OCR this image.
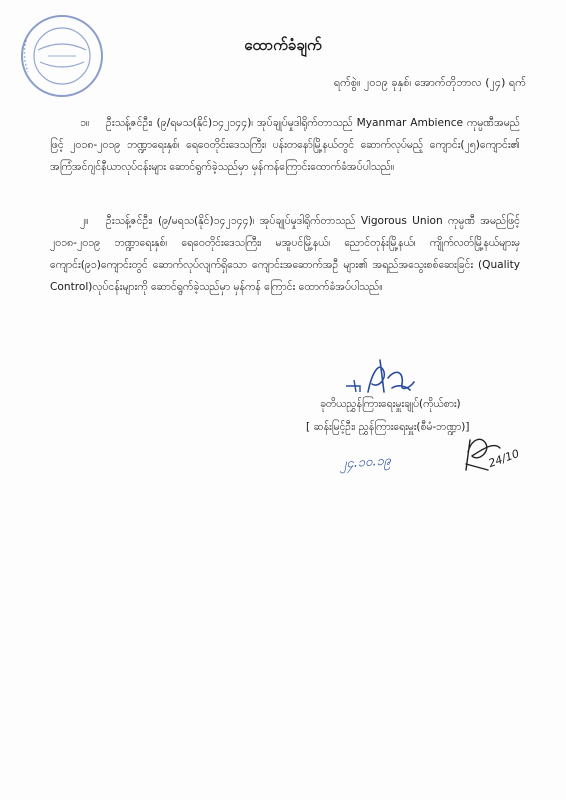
ထောက်ခံချက်
ရက်စွဲ။ ၂၀၁၉ ခုနှစ်၊ အောက်တိုဘာလ (၂၄) ရက်
၁။ ဦးသန့်ဇင်ဦး၊ (၉/ရမသ(နိုင်)၁၄၂၁၄၄)၊ အုပ်ချုပ်မှုဒါရိုက်တာသည် Myanmar Ambience ကုမ္ပဏီအမည်ဖြင့် ၂၀၁၈-၂၀၁၉ ဘဏ္ဍာရေးနှစ်၊ ရေဝေတိုင်းဒေသကြီး၊ ပန်းတနော်မြို့နယ်တွင် ဆောက်လုပ်မည့် ကျောင်း(၂၅)ကျောင်း၏ အကြံအင်ဂျင်နီယာလုပ်ငန်းများ ဆောင်ရွက်ခဲ့သည်မှာ မှန်ကန်ကြောင်းထောက်ခံအပ်ပါသည်။
၂။ ဦးသန့်ဇင်ဦး၊ (၉/မရသ(နိုင်)၁၄၂၁၄၄)၊ အုပ်ချုပ်မှုဒါရိုက်တာသည် Vigorous Union ကုမ္ပဏီ အမည်ဖြင့် ၂၀၁၈-၂၀၁၉ ဘဏ္ဍာရေးနှစ်၊ ရေဝေတိုင်းဒေသကြီး၊ မအူပင်မြို့နယ်၊ ညောင်တုန်းမြို့နယ်၊ ကျိုက်လတ်မြို့နယ်များမှ ကျောင်း(၉၁)ကျောင်းတွင် ဆောက်လုပ်လျက်ရှိသော ကျောင်းအဆောက်အဦ များ၏ အရည်အသွေးစစ်ဆေးခြင်း (Quality Control)လုပ်ငန်းများကို ဆောင်ရွက်ခဲ့သည်မှာ မှန်ကန် ကြောင်း ထောက်ခံအပ်ပါသည်။
ခုတိယညွှန်ကြားရေးမှူးချုပ်(ကိုယ်စား)
[ ဆန်းမြင့်ဦး၊ ညွှန်ကြားရေးမှူး(စီမံ-ဘဏ္ဍာ)]
၂၄.၁၀.၁၉	24/10
